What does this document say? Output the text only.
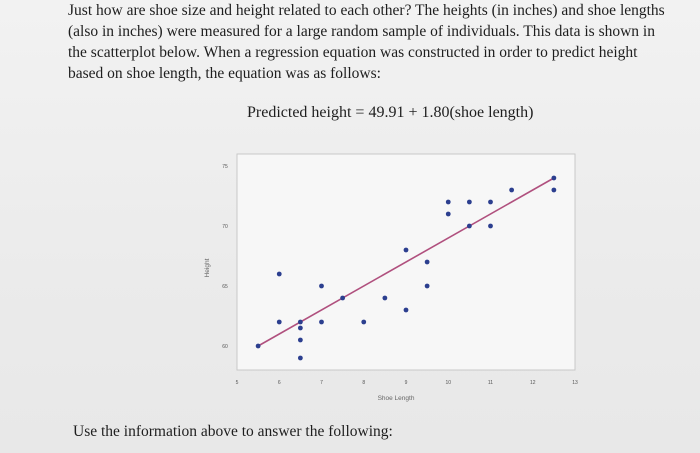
Just how are shoe size and height related to each other? The heights (in inches) and shoe lengths
(also in inches) were measured for a large random sample of individuals. This data is shown in
the scatterplot below. When a regression equation was constructed in order to predict height
based on shoe length, the equation was as follows:
Predicted height = 49.91 + 1.80(shoe length)
5	6	7	8	9	10	11	12	13
60
65
70
75
Shoe Length
Height
Use the information above to answer the following:
